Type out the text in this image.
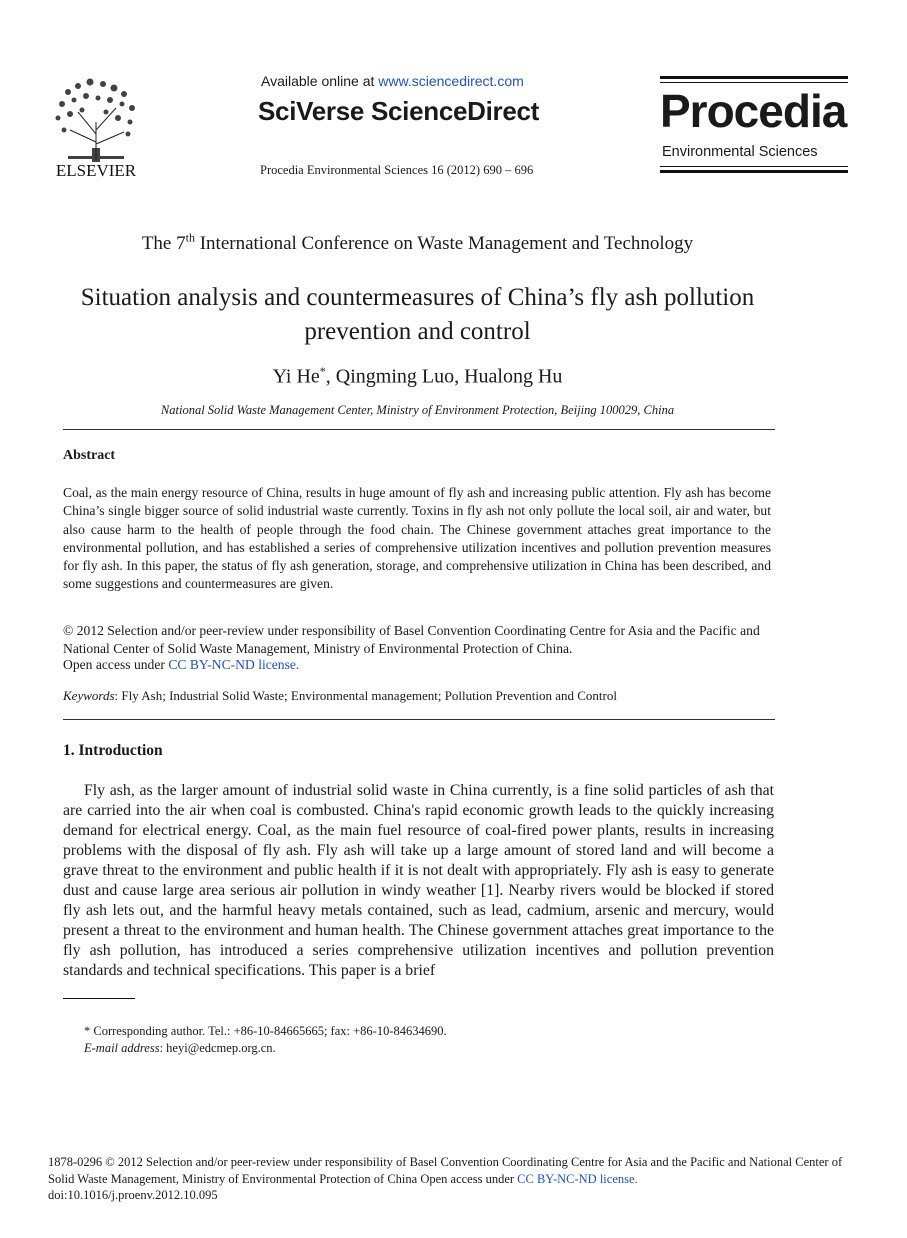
ELSEVIER
Available online at www.sciencedirect.com
SciVerse ScienceDirect
Procedia Environmental Sciences 16 (2012) 690 – 696
Procedia
Environmental Sciences
The 7th International Conference on Waste Management and Technology
Situation analysis and countermeasures of China’s fly ash pollution prevention and control
Yi He*, Qingming Luo, Hualong Hu
National Solid Waste Management Center, Ministry of Environment Protection, Beijing 100029, China
Abstract
Coal, as the main energy resource of China, results in huge amount of fly ash and increasing public attention. Fly ash has become China’s single bigger source of solid industrial waste currently. Toxins in fly ash not only pollute the local soil, air and water, but also cause harm to the health of people through the food chain. The Chinese government attaches great importance to the environmental pollution, and has established a series of comprehensive utilization incentives and pollution prevention measures for fly ash. In this paper, the status of fly ash generation, storage, and comprehensive utilization in China has been described, and some suggestions and countermeasures are given.
© 2012 Selection and/or peer-review under responsibility of Basel Convention Coordinating Centre for Asia and the Pacific and National Center of Solid Waste Management, Ministry of Environmental Protection of China.
Open access under CC BY-NC-ND license.
Keywords: Fly Ash; Industrial Solid Waste; Environmental management; Pollution Prevention and Control
1. Introduction
Fly ash, as the larger amount of industrial solid waste in China currently, is a fine solid particles of ash that are carried into the air when coal is combusted. China's rapid economic growth leads to the quickly increasing demand for electrical energy. Coal, as the main fuel resource of coal-fired power plants, results in increasing problems with the disposal of fly ash. Fly ash will take up a large amount of stored land and will become a grave threat to the environment and public health if it is not dealt with appropriately. Fly ash is easy to generate dust and cause large area serious air pollution in windy weather [1]. Nearby rivers would be blocked if stored fly ash lets out, and the harmful heavy metals contained, such as lead, cadmium, arsenic and mercury, would present a threat to the environment and human health. The Chinese government attaches great importance to the fly ash pollution, has introduced a series comprehensive utilization incentives and pollution prevention standards and technical specifications. This paper is a brief
* Corresponding author. Tel.: +86-10-84665665; fax: +86-10-84634690.
E-mail address: heyi@edcmep.org.cn.
1878-0296 © 2012 Selection and/or peer-review under responsibility of Basel Convention Coordinating Centre for Asia and the Pacific and National Center of Solid Waste Management, Ministry of Environmental Protection of China Open access under CC BY-NC-ND license.
doi:10.1016/j.proenv.2012.10.095
